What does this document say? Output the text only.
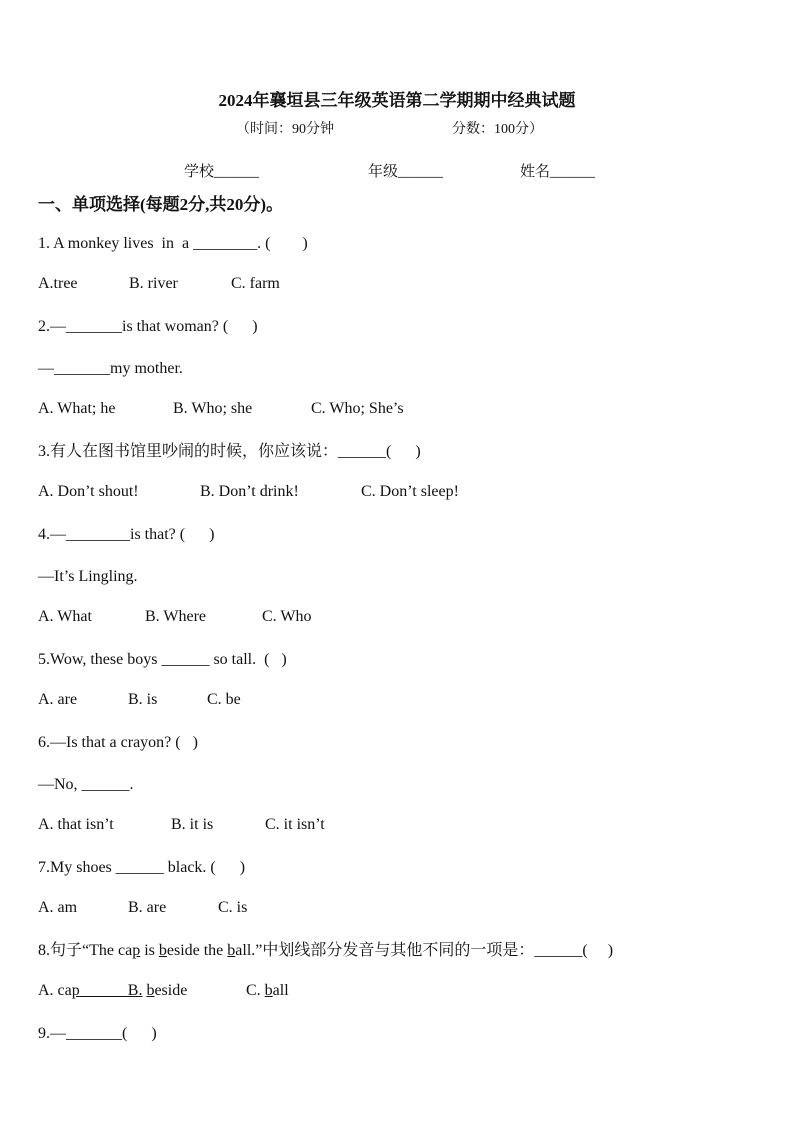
2024年襄垣县三年级英语第二学期期中经典试题
（时间：90分钟	分数：100分）
学校______	年级______	姓名______
一、单项选择(每题2分,共20分)。
1. A monkey lives  in  a ________. (        )
A.tree	B. river	C. farm
2.—_______is that woman? (      )
—_______my mother.
A. What; he	B. Who; she	C. Who; She’s
3.有人在图书馆里吵闹的时候，你应该说：______(      )
A. Don’t shout!	B. Don’t drink!	C. Don’t sleep!
4.—________is that? (      )
—It’s Lingling.
A. What	B. Where	C. Who
5.Wow, these boys ______ so tall.  (   )
A. are	B. is	C. be
6.—Is that a crayon? (   )
—No, ______.
A. that isn’t	B. it is	C. it isn’t
7.My shoes ______ black. (      )
A. am	B. are	C. is
8.句子“The cap is beside the ball.”中划线部分发音与其他不同的一项是：______(     )
A. cap______B. beside	C. ball
9.—_______(      )
